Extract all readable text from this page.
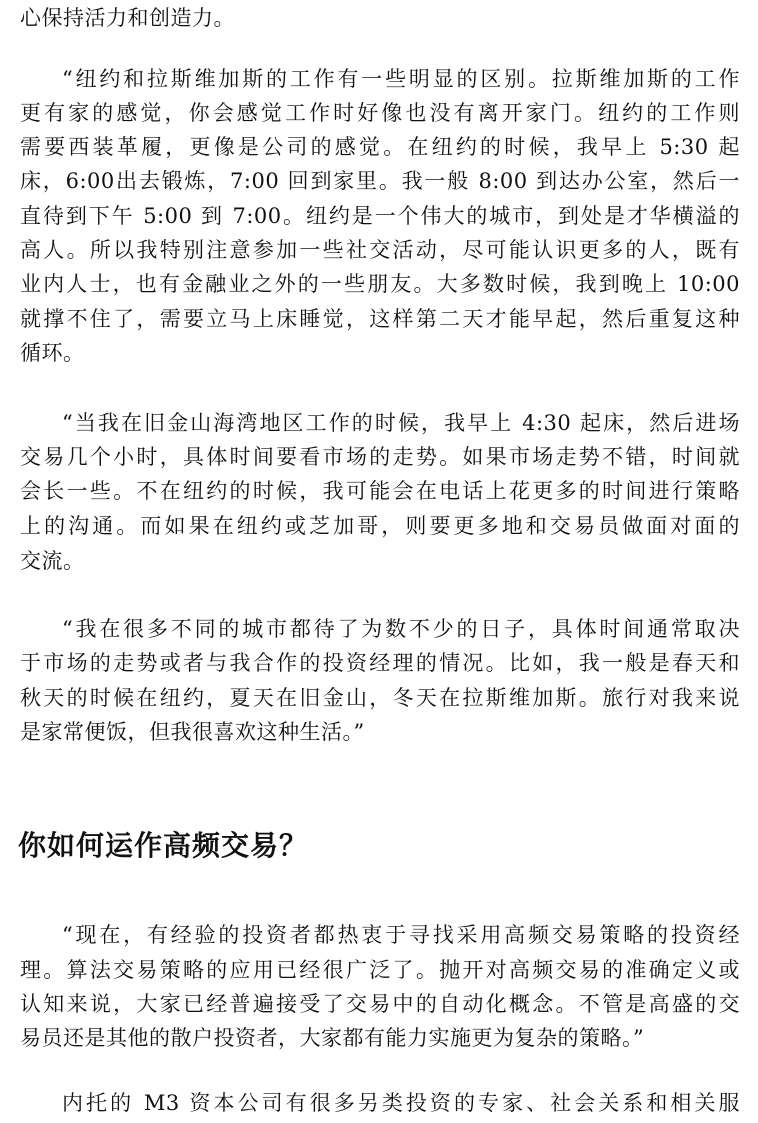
心保持活力和创造力。
“纽约和拉斯维加斯的工作有一些明显的区别。拉斯维加斯的工作
更有家的感觉，你会感觉工作时好像也没有离开家门。纽约的工作则
需要西装革履，更像是公司的感觉。在纽约的时候，我早上 5:30 起
床，6:00出去锻炼，7:00 回到家里。我一般 8:00 到达办公室，然后一
直待到下午 5:00 到 7:00。纽约是一个伟大的城市，到处是才华横溢的
高人。所以我特别注意参加一些社交活动，尽可能认识更多的人，既有
业内人士，也有金融业之外的一些朋友。大多数时候，我到晚上 10:00
就撑不住了，需要立马上床睡觉，这样第二天才能早起，然后重复这种
循环。
“当我在旧金山海湾地区工作的时候，我早上 4:30 起床，然后进场
交易几个小时，具体时间要看市场的走势。如果市场走势不错，时间就
会长一些。不在纽约的时候，我可能会在电话上花更多的时间进行策略
上的沟通。而如果在纽约或芝加哥，则要更多地和交易员做面对面的
交流。
“我在很多不同的城市都待了为数不少的日子，具体时间通常取决
于市场的走势或者与我合作的投资经理的情况。比如，我一般是春天和
秋天的时候在纽约，夏天在旧金山，冬天在拉斯维加斯。旅行对我来说
是家常便饭，但我很喜欢这种生活。”
你如何运作高频交易？
“现在，有经验的投资者都热衷于寻找采用高频交易策略的投资经
理。算法交易策略的应用已经很广泛了。抛开对高频交易的准确定义或
认知来说，大家已经普遍接受了交易中的自动化概念。不管是高盛的交
易员还是其他的散户投资者，大家都有能力实施更为复杂的策略。”
内托的 M3 资本公司有很多另类投资的专家、社会关系和相关服
